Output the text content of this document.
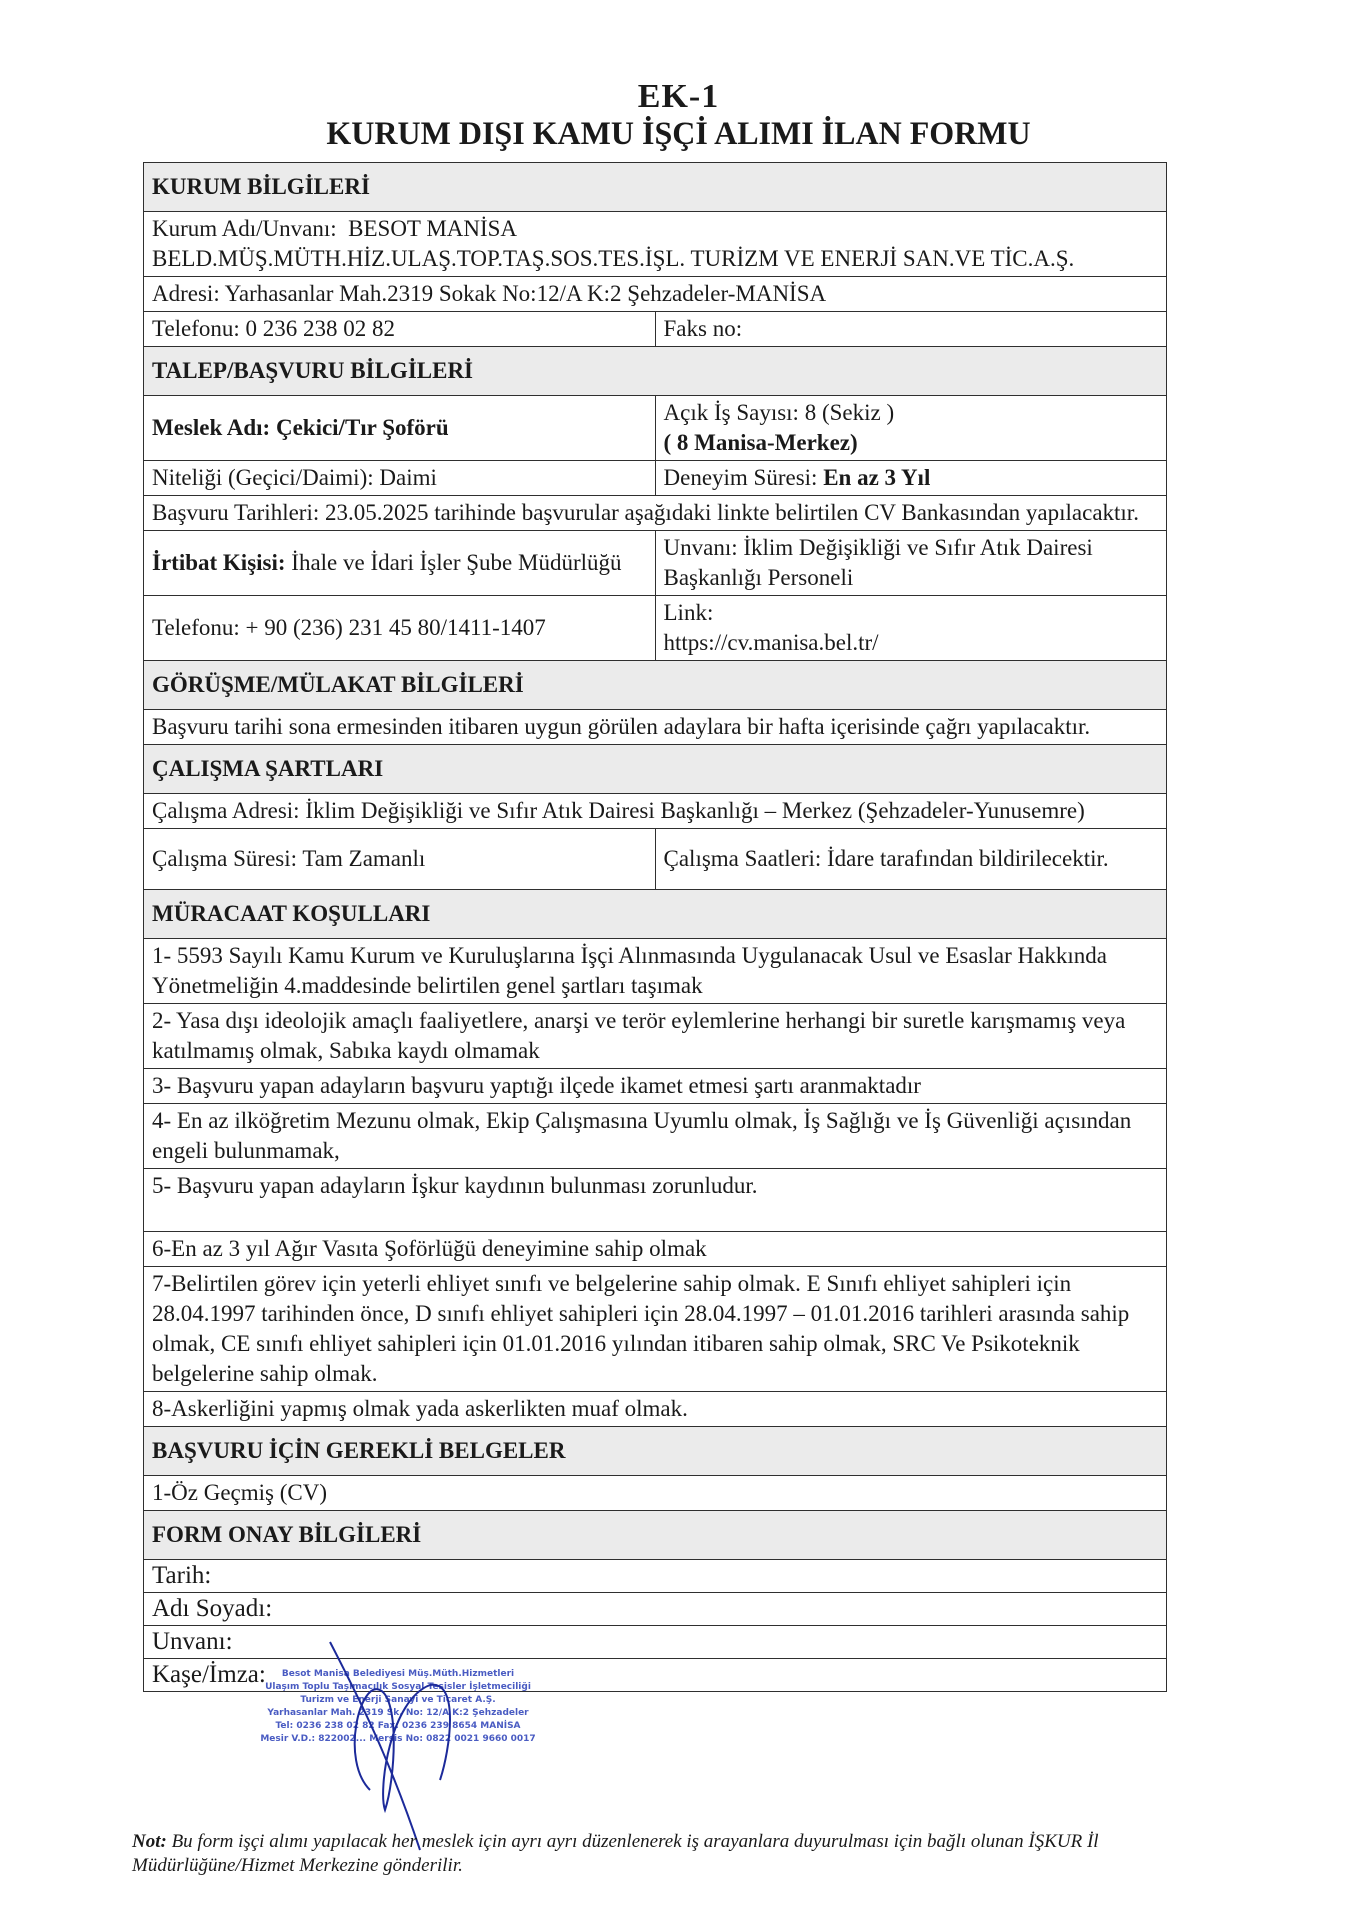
EK-1
KURUM DIŞI KAMU İŞÇİ ALIMI İLAN FORMU
KURUM BİLGİLERİ	
Kurum Adı/Unvanı: BESOT MANİSA
BELD.MÜŞ.MÜTH.HİZ.ULAŞ.TOP.TAŞ.SOS.TES.İŞL. TURİZM VE ENERJİ SAN.VE TİC.A.Ş.	
Adresi: Yarhasanlar Mah.2319 Sokak No:12/A K:2 Şehzadeler-MANİSA	
Telefonu: 0 236 238 02 82	Faks no:
TALEP/BAŞVURU BİLGİLERİ	
Meslek Adı: Çekici/Tır Şoförü	Açık İş Sayısı: 8 (Sekiz )
( 8 Manisa-Merkez)
Niteliği (Geçici/Daimi): Daimi	Deneyim Süresi: En az 3 Yıl
Başvuru Tarihleri: 23.05.2025 tarihinde başvurular aşağıdaki linkte belirtilen CV Bankasından yapılacaktır.	
İrtibat Kişisi: İhale ve İdari İşler Şube Müdürlüğü	Unvanı: İklim Değişikliği ve Sıfır Atık Dairesi Başkanlığı Personeli
Telefonu: + 90 (236) 231 45 80/1411-1407	Link:
https://cv.manisa.bel.tr/
GÖRÜŞME/MÜLAKAT BİLGİLERİ	
Başvuru tarihi sona ermesinden itibaren uygun görülen adaylara bir hafta içerisinde çağrı yapılacaktır.	
ÇALIŞMA ŞARTLARI	
Çalışma Adresi: İklim Değişikliği ve Sıfır Atık Dairesi Başkanlığı – Merkez (Şehzadeler-Yunusemre)	
Çalışma Süresi: Tam Zamanlı	Çalışma Saatleri: İdare tarafından bildirilecektir.
MÜRACAAT KOŞULLARI	
1- 5593 Sayılı Kamu Kurum ve Kuruluşlarına İşçi Alınmasında Uygulanacak Usul ve Esaslar Hakkında Yönetmeliğin 4.maddesinde belirtilen genel şartları taşımak	
2- Yasa dışı ideolojik amaçlı faaliyetlere, anarşi ve terör eylemlerine herhangi bir suretle karışmamış veya katılmamış olmak, Sabıka kaydı olmamak	
3- Başvuru yapan adayların başvuru yaptığı ilçede ikamet etmesi şartı aranmaktadır	
4- En az ilköğretim Mezunu olmak, Ekip Çalışmasına Uyumlu olmak, İş Sağlığı ve İş Güvenliği açısından engeli bulunmamak,	
5- Başvuru yapan adayların İşkur kaydının bulunması zorunludur.	
6-En az 3 yıl Ağır Vasıta Şoförlüğü deneyimine sahip olmak	
7-Belirtilen görev için yeterli ehliyet sınıfı ve belgelerine sahip olmak. E Sınıfı ehliyet sahipleri için 28.04.1997 tarihinden önce, D sınıfı ehliyet sahipleri için 28.04.1997 – 01.01.2016 tarihleri arasında sahip olmak, CE sınıfı ehliyet sahipleri için 01.01.2016 yılından itibaren sahip olmak, SRC Ve Psikoteknik belgelerine sahip olmak.	
8-Askerliğini yapmış olmak yada askerlikten muaf olmak.	
BAŞVURU İÇİN GEREKLİ BELGELER	
1-Öz Geçmiş (CV)	
FORM ONAY BİLGİLERİ	
Tarih:	
Adı Soyadı:	
Unvanı:	
Kaşe/İmza:		Besot Manisa Belediyesi Müş.Müth.Hizmetleri
Ulaşım Toplu Taşımacılık Sosyal Tesisler İşletmeciliği
Turizm ve Enerji Sanayi ve Ticaret A.Ş.
Yarhasanlar Mah. 2319 Sk. No: 12/A K:2 Şehzadeler
Tel: 0236 238 02 82 Fax: 0236 239 8654 MANİSA
Mesir V.D.: 822002... Mersis No: 0822 0021 9660 0017
Not: Bu form işçi alımı yapılacak her meslek için ayrı ayrı düzenlenerek iş arayanlara duyurulması için bağlı olunan İŞKUR İl Müdürlüğüne/Hizmet Merkezine gönderilir.
